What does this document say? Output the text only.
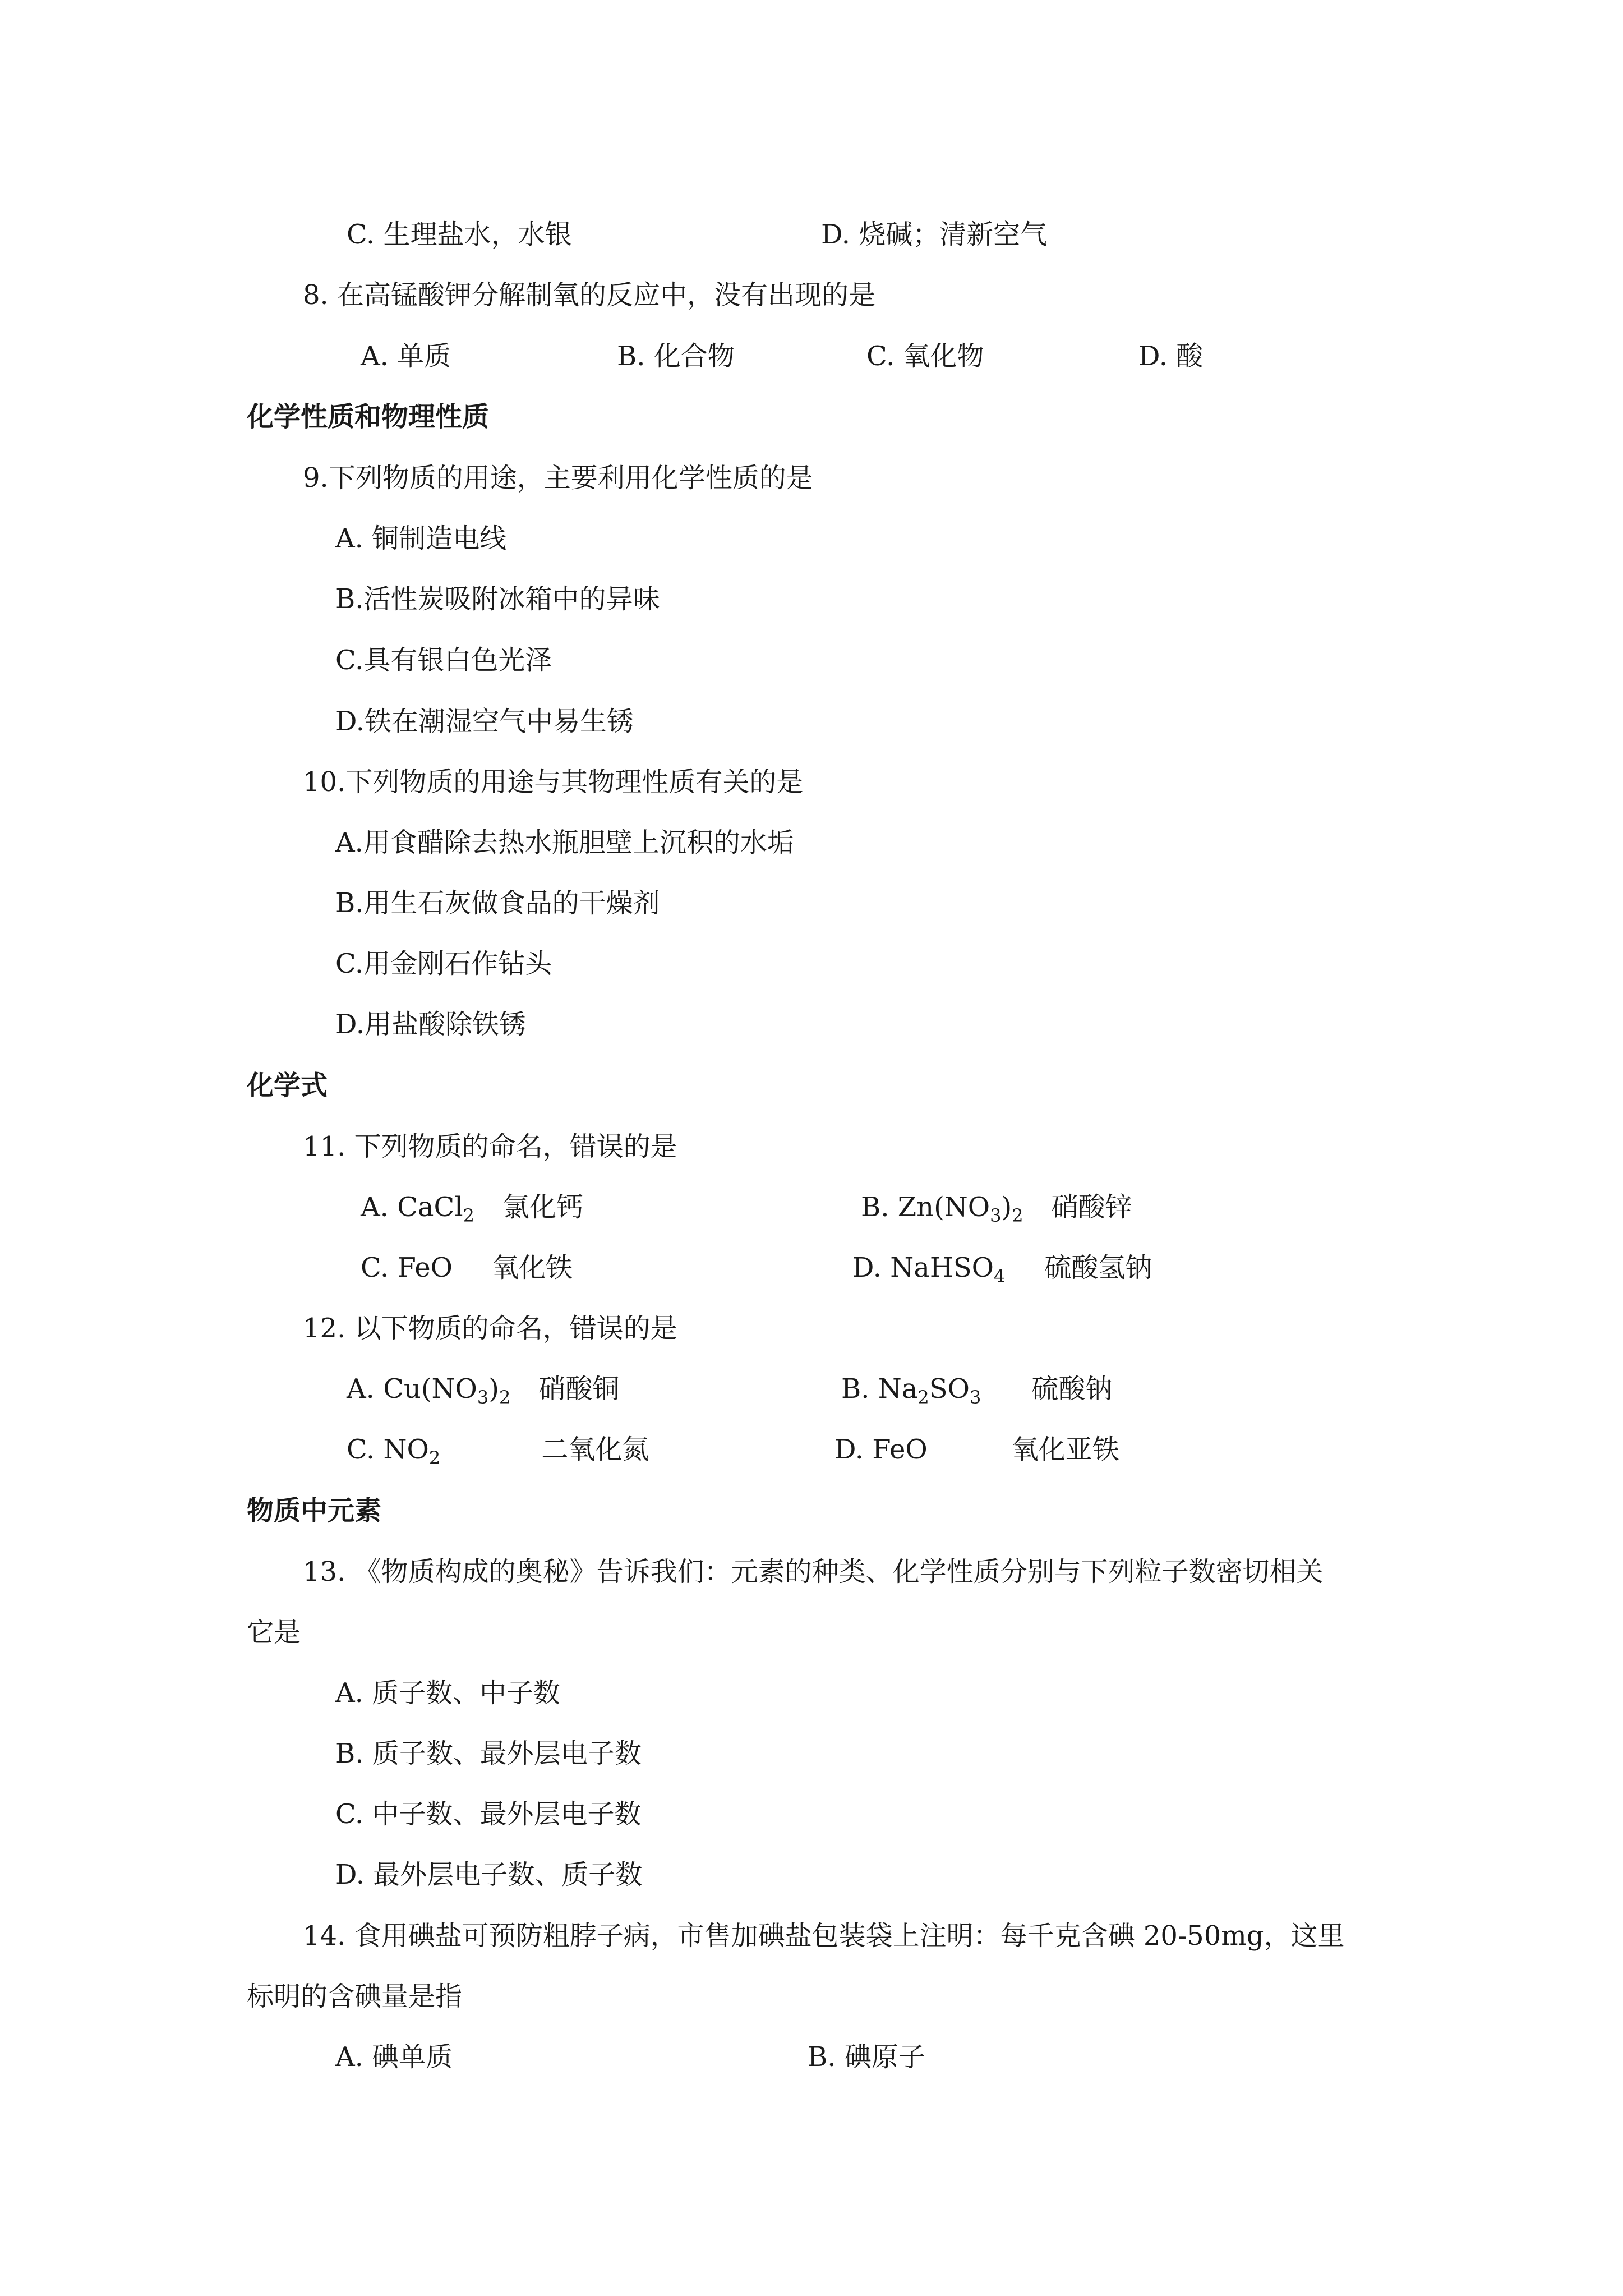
C. 生理盐水，水银	D. 烧碱；清新空气
8. 在高锰酸钾分解制氧的反应中，没有出现的是
A. 单质	B. 化合物	C. 氧化物	D. 酸
化学性质和物理性质
9.下列物质的用途，主要利用化学性质的是
A. 铜制造电线
B.活性炭吸附冰箱中的异味
C.具有银白色光泽
D.铁在潮湿空气中易生锈
10.下列物质的用途与其物理性质有关的是
A.用食醋除去热水瓶胆壁上沉积的水垢
B.用生石灰做食品的干燥剂
C.用金刚石作钻头
D.用盐酸除铁锈
化学式
11. 下列物质的命名，错误的是
A. CaCl$_2$ 氯化钙	B. $Zn(NO_3)_2$ 硝酸锌
C. FeO 氧化铁	D. NaHSO$_4$ 硫酸氢钠
12. 以下物质的命名，错误的是
A. $Cu(NO_3)_2$ 硝酸铜	B. $Na_2SO_3$ 硫酸钠
C. $NO_2$	二氧化氮	D. FeO	氧化亚铁
物质中元素
13. 《物质构成的奥秘》告诉我们：元素的种类、化学性质分别与下列粒子数密切相关
它是
A. 质子数、中子数
B. 质子数、最外层电子数
C. 中子数、最外层电子数
D. 最外层电子数、质子数
14. 食用碘盐可预防粗脖子病，市售加碘盐包装袋上注明：每千克含碘 20-50mg，这里
标明的含碘量是指
A. 碘单质	B. 碘原子
